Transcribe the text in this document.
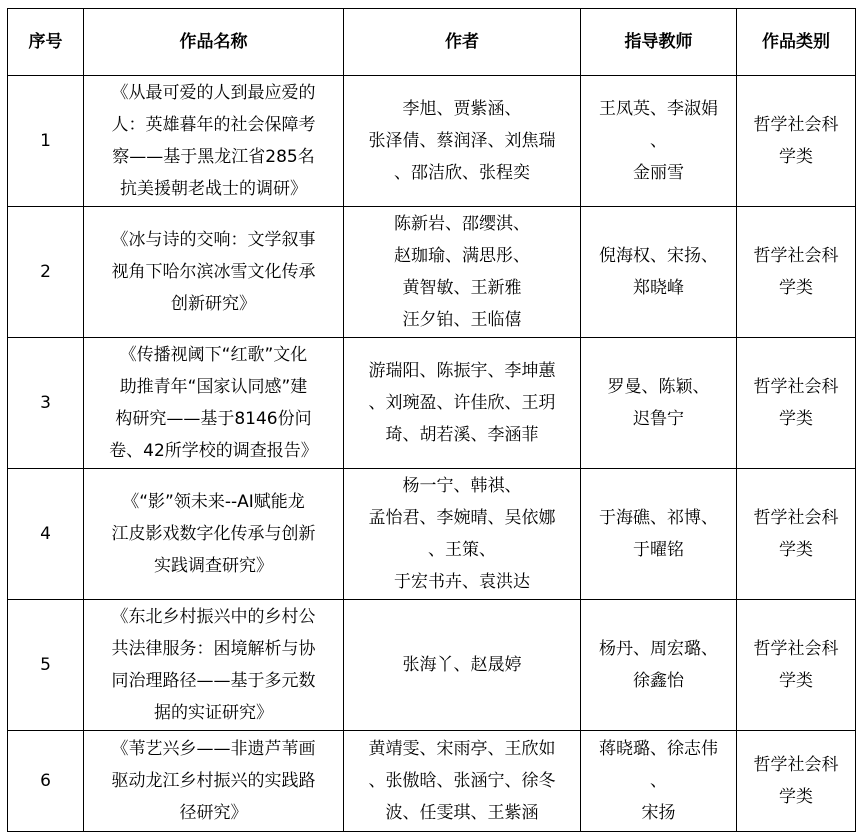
序号	作品名称	作者	指导教师	作品类别
1	《从最可爱的人到最应爱的
人：英雄暮年的社会保障考
察——基于黑龙江省285名
抗美援朝老战士的调研》	李旭、贾紫涵、
张泽倩、蔡润泽、刘焦瑞
、邵洁欣、张程奕	王凤英、李淑娟
、
金丽雪	哲学社会科
学类

2	《冰与诗的交响：文学叙事
视角下哈尔滨冰雪文化传承
创新研究》	陈新岩、邵缨淇、
赵珈瑜、满思彤、
黄智敏、王新雅
汪夕铂、王临僖	倪海权、宋扬、
郑晓峰	哲学社会科
学类

3	《传播视阈下“红歌”文化
助推青年“国家认同感”建
构研究——基于8146份问
卷、42所学校的调查报告》	游瑞阳、陈振宇、李坤蕙
、刘琬盈、许佳欣、王玥
琦、胡若溪、李涵菲	罗曼、陈颖、
迟鲁宁	哲学社会科
学类

4	《“影”领未来--AI赋能龙
江皮影戏数字化传承与创新
实践调查研究》	杨一宁、韩祺、
孟怡君、李婉晴、吴依娜
、王策、
于宏书卉、袁洪达	于海礁、祁博、
于曜铭	哲学社会科
学类

5	《东北乡村振兴中的乡村公
共法律服务：困境解析与协
同治理路径——基于多元数
据的实证研究》	张海丫、赵晟婷	杨丹、周宏璐、
徐鑫怡	哲学社会科
学类

6	《苇艺兴乡——非遗芦苇画
驱动龙江乡村振兴的实践路
径研究》	黄靖雯、宋雨亭、王欣如
、张傲晗、张涵宁、徐冬
波、任雯琪、王紫涵	蒋晓璐、徐志伟
、
宋扬	哲学社会科
学类
